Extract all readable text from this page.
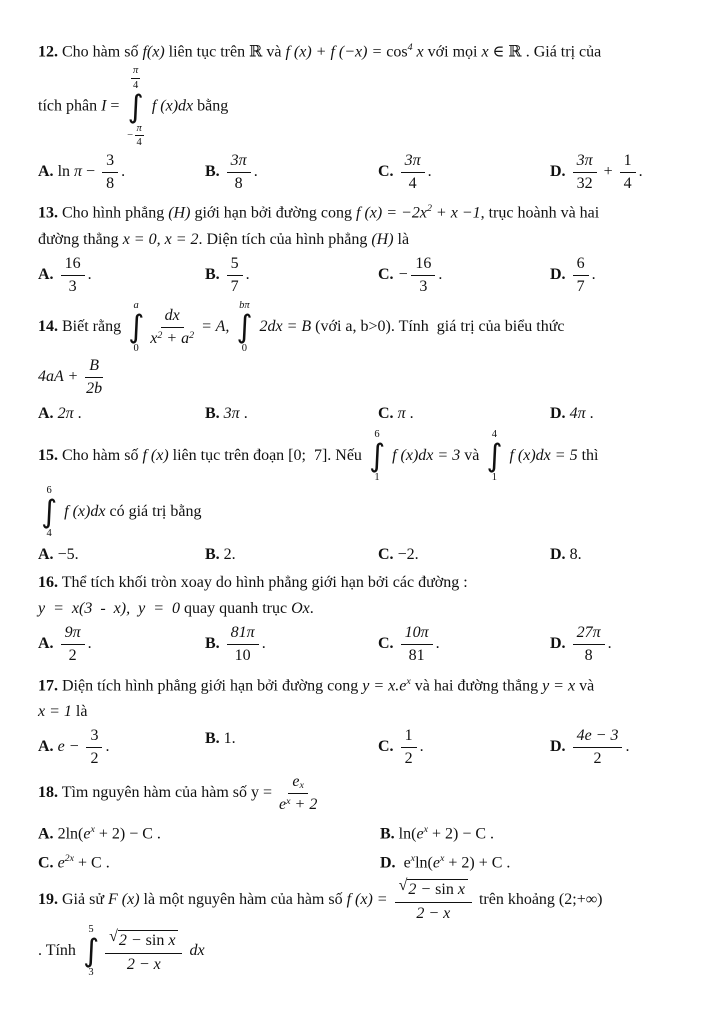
12. Cho hàm số f(x) liên tục trên ℝ và f (x) + f $(-x) = \cos^4 x$ với mọi x ∈ ℝ . Giá trị của
tích phân I =
$\frac{\pi}{4}$
∫
− $\frac{\pi}{4}$
f (x)dx bằng
A. $\ln \pi - \frac{3}{8}$ .	B. $\frac{3\pi}{8}$ .	C. $\frac{3\pi}{4}$ .	D. $\frac{3\pi}{32} + \frac{1}{4}$ .
13. Cho hình phẳng (H) giới hạn bởi đường cong f $(x) = -2x^2 + x -1$, trục hoành và hai
đường thẳng x = 0, x = 2. Diện tích của hình phẳng (H) là
A. $\frac{16}{3}$ .	B. $\frac{5}{7}$ .	C. − $\frac{16}{3}$ .	D. $\frac{6}{7}$ .
14. Biết rằng
a
∫
$0 \frac{dx}{x 2 + a 2} = A$,
bπ
∫
0
2dx = B (với a, b>0). Tính  giá trị của biểu thức
$4aA + \frac{B}{2b}$
A. 2π .	B. 3π .	C. π .	D. 4π .
15. Cho hàm số f (x) liên tục trên đoạn [0;  7]. Nếu
6
∫
1
f (x)dx = 3 và
4
∫
1
f (x)dx = 5 thì
6
∫
4
f (x)dx có giá trị bằng
A. −5.	B. 2.	C. −2.	D. 8.
16. Thể tích khối tròn xoay do hình phẳng giới hạn bởi các đường :
y  =  x(3  -  x),  y  =  0 quay quanh trục Ox.
A. $\frac{9\pi}{2}$ .	B. $\frac{81\pi}{10}$ .	C. $\frac{10\pi}{81}$ .	D. $\frac{27\pi}{8}$ .
17. Diện tích hình phẳng giới hạn bởi đường cong $y = x.e^x$ và hai đường thẳng y = x và
x = 1 là
A. $e - \frac{3}{2}$ .	B. 1.	C. $\frac{1}{2}$ .	D. $\frac{4e - 3}{2}$ .
18. Tìm nguyên hàm của hàm số $y = \frac{\text{e x}}{\text{e x + 2}}$
A. $2\ln(e^x + 2) - C$ .	B. $\ln(e^x + 2) - C$ .
C. $e^{2x} + C$ .	D.  $e^x\ln(e^x + 2) + C$ .
19. Giả sử F (x) là một nguyên hàm của hàm số f $(x) = \frac{\text{√ 2 − sin x}}{2 - x}$ trên khoảng (2;+∞)
. Tính
5
∫
$3 \frac{\text{√ 2 − sin x}}{2 - x}$ dx
